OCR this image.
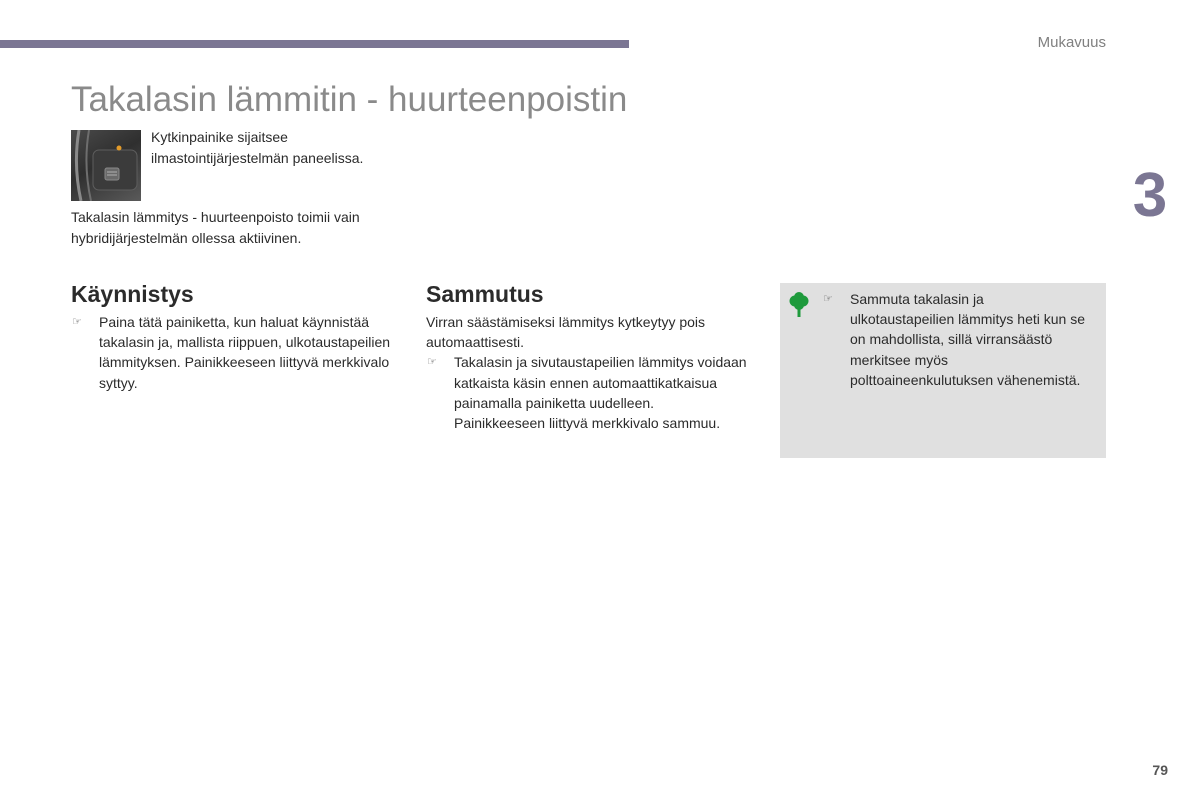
Mukavuus
3
Takalasin lämmitin - huurteenpoistin
Kytkinpainike sijaitsee ilmastointijärjestelmän paneelissa.
Takalasin lämmitys - huurteenpoisto toimii vain hybridijärjestelmän ollessa aktiivinen.
Käynnistys
☞ Paina tätä painiketta, kun haluat käynnistää takalasin ja, mallista riippuen, ulkotaustapeilien lämmityksen. Painikkeeseen liittyvä merkkivalo syttyy.
Sammutus
Virran säästämiseksi lämmitys kytkeytyy pois automaattisesti.
☞ Takalasin ja sivutaustapeilien lämmitys voidaan katkaista käsin ennen automaattikatkaisua painamalla painiketta uudelleen. Painikkeeseen liittyvä merkkivalo sammuu.
☞ Sammuta takalasin ja ulkotaustapeilien lämmitys heti kun se on mahdollista, sillä virransäästö merkitsee myös polttoaineenkulutuksen vähenemistä.
79
